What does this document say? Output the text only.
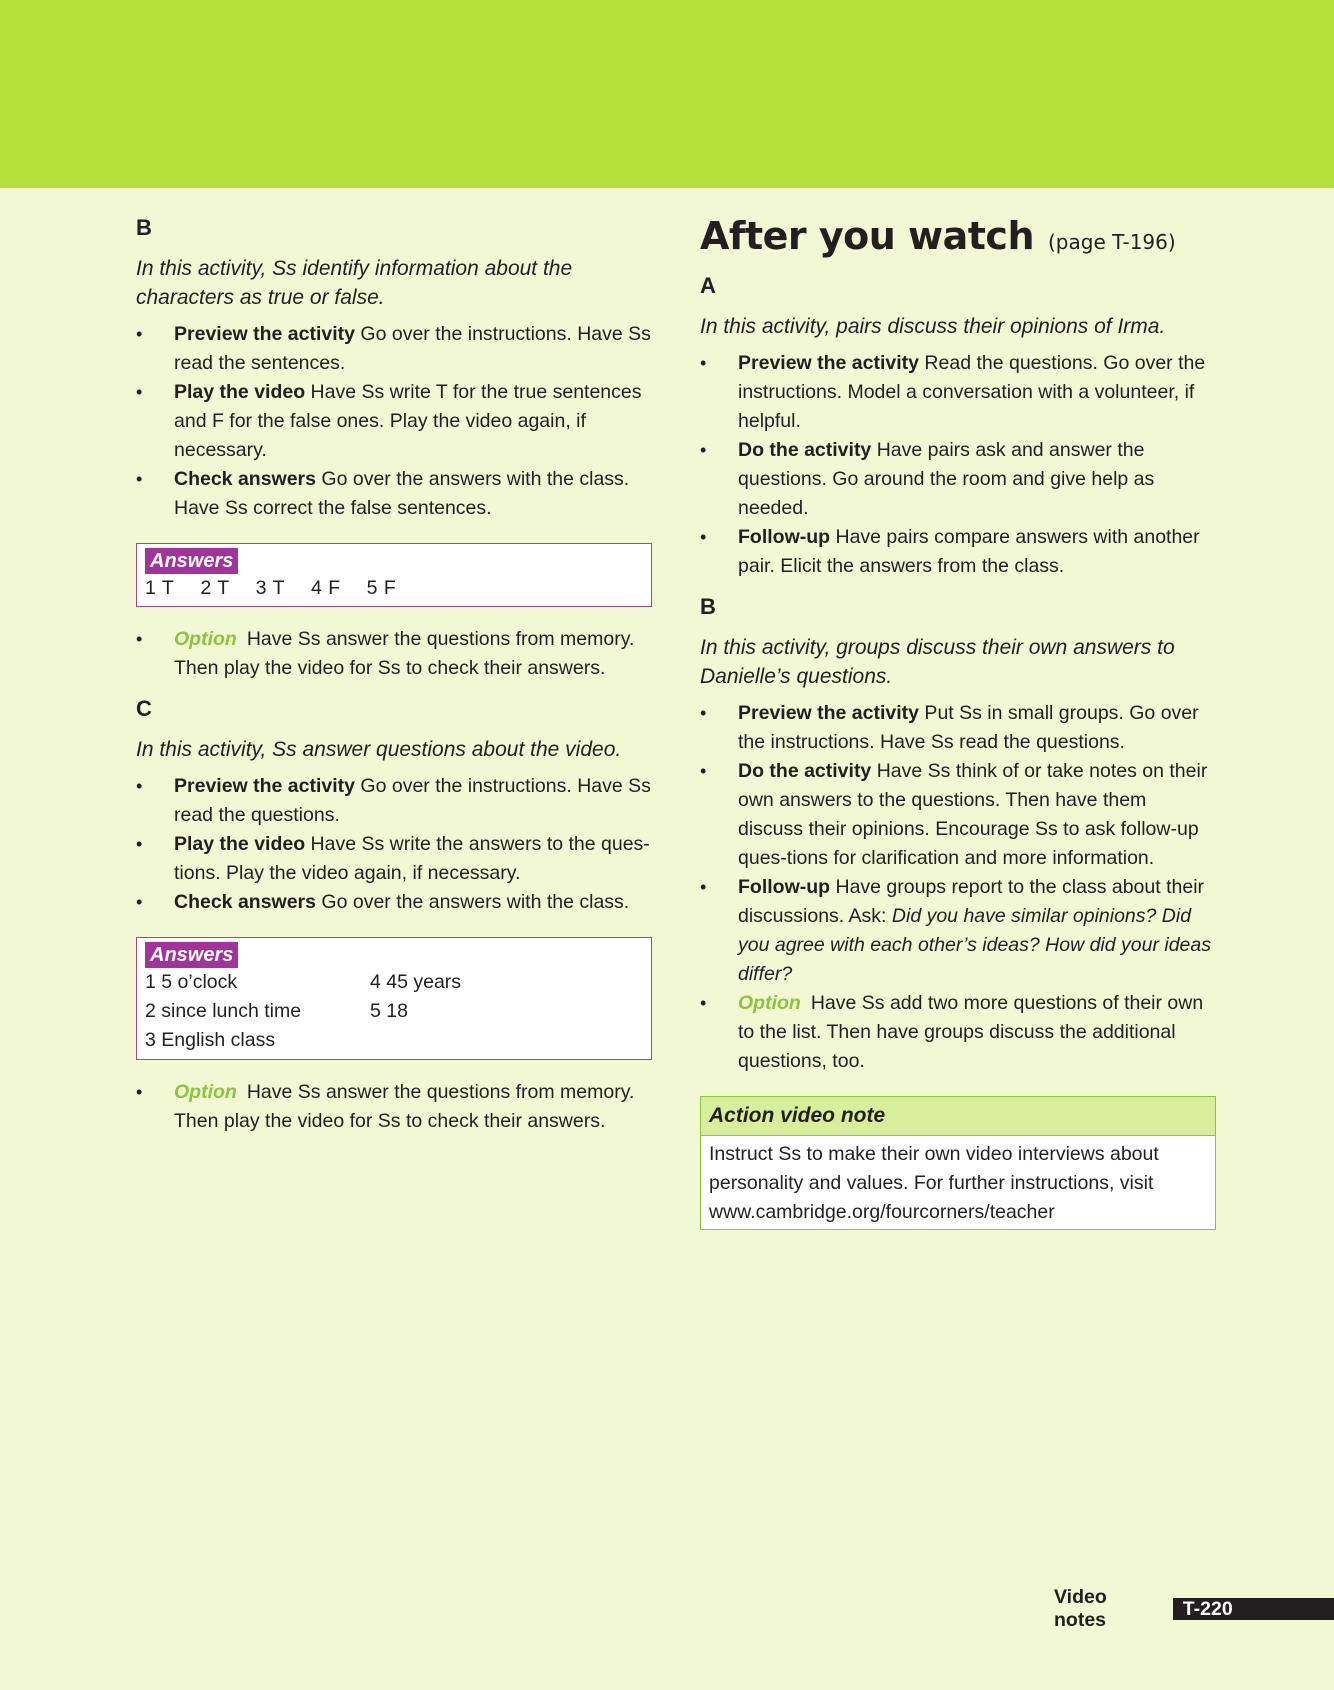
B

In this activity, Ss identify information about the characters as true or false.

• Preview the activity Go over the instructions. Have Ss read the sentences.
• Play the video Have Ss write T for the true sentences and F for the false ones. Play the video again, if necessary.
• Check answers Go over the answers with the class. Have Ss correct the false sentences.
Answers
1 T 2 T 3 T 4 F 5 F
• Option Have Ss answer the questions from memory. Then play the video for Ss to check their answers.
C

In this activity, Ss answer questions about the video.

• Preview the activity Go over the instructions. Have Ss read the questions.
• Play the video Have Ss write the answers to the ques-tions. Play the video again, if necessary.
• Check answers Go over the answers with the class.
Answers
1 5 o’clock	4 45 years
2 since lunch time	5 18
3 English class
• Option Have Ss answer the questions from memory. Then play the video for Ss to check their answers.
After you watch (page T-196)
A

In this activity, pairs discuss their opinions of Irma.

• Preview the activity Read the questions. Go over the instructions. Model a conversation with a volunteer, if helpful.
• Do the activity Have pairs ask and answer the questions. Go around the room and give help as needed.
• Follow-up Have pairs compare answers with another pair. Elicit the answers from the class.
B

In this activity, groups discuss their own answers to Danielle’s questions.

• Preview the activity Put Ss in small groups. Go over the instructions. Have Ss read the questions.
• Do the activity Have Ss think of or take notes on their own answers to the questions. Then have them discuss their opinions. Encourage Ss to ask follow-up ques-tions for clarification and more information.
• Follow-up Have groups report to the class about their discussions. Ask: Did you have similar opinions? Did you agree with each other’s ideas? How did your ideas differ?
• Option Have Ss add two more questions of their own to the list. Then have groups discuss the additional questions, too.
Action video note
Instruct Ss to make their own video interviews about personality and values. For further instructions, visit www.cambridge.org/fourcorners/teacher
Video notes	T-220
